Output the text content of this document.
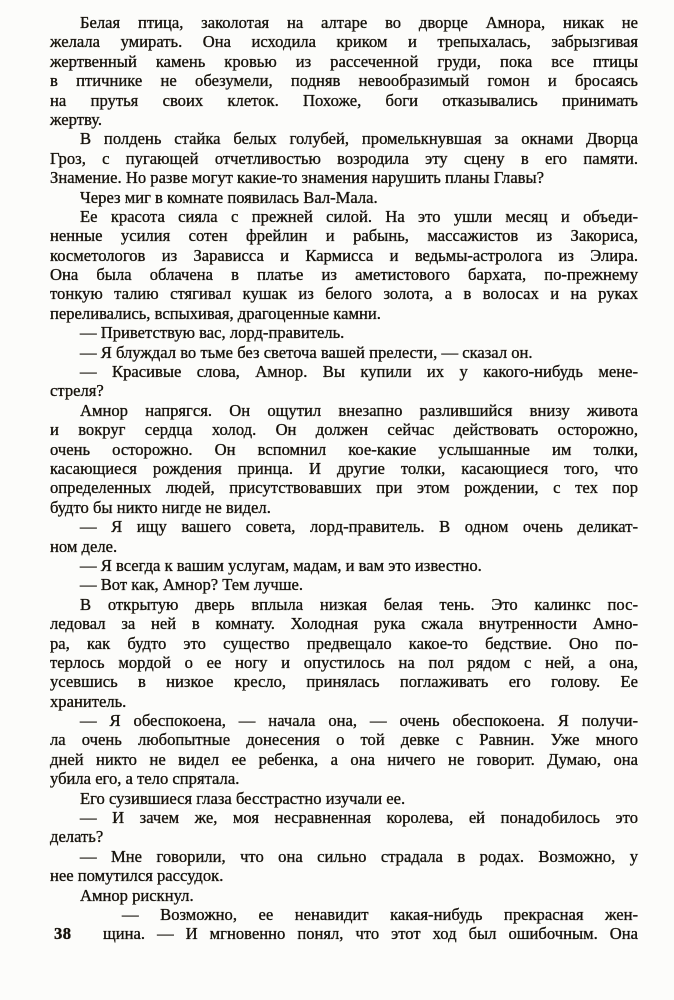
Белая птица, заколотая на алтаре во дворце Амнора, никак не
желала умирать. Она исходила криком и трепыхалась, забрызгивая
жертвенный камень кровью из рассеченной груди, пока все птицы
в птичнике не обезумели, подняв невообразимый гомон и бросаясь
на прутья своих клеток. Похоже, боги отказывались принимать
жертву.
В полдень стайка белых голубей, промелькнувшая за окнами Дворца
Гроз, с пугающей отчетливостью возродила эту сцену в его памяти.
Знамение. Но разве могут какие-то знамения нарушить планы Главы?
Через миг в комнате появилась Вал-Мала.
Ее красота сияла с прежней силой. На это ушли месяц и объеди-
ненные усилия сотен фрейлин и рабынь, массажистов из Закориса,
косметологов из Зарависса и Кармисса и ведьмы-астролога из Элира.
Она была облачена в платье из аметистового бархата, по-прежнему
тонкую талию стягивал кушак из белого золота, а в волосах и на руках
переливались, вспыхивая, драгоценные камни.
— Приветствую вас, лорд-правитель.
— Я блуждал во тьме без светоча вашей прелести, — сказал он.
— Красивые слова, Амнор. Вы купили их у какого-нибудь мене-
стреля?
Амнор напрягся. Он ощутил внезапно разлившийся внизу живота
и вокруг сердца холод. Он должен сейчас действовать осторожно,
очень осторожно. Он вспомнил кое-какие услышанные им толки,
касающиеся рождения принца. И другие толки, касающиеся того, что
определенных людей, присутствовавших при этом рождении, с тех пор
будто бы никто нигде не видел.
— Я ищу вашего совета, лорд-правитель. В одном очень деликат-
ном деле.
— Я всегда к вашим услугам, мадам, и вам это известно.
— Вот как, Амнор? Тем лучше.
В открытую дверь вплыла низкая белая тень. Это калинкс пос-
ледовал за ней в комнату. Холодная рука сжала внутренности Амно-
ра, как будто это существо предвещало какое-то бедствие. Оно по-
терлось мордой о ее ногу и опустилось на пол рядом с ней, а она,
усевшись в низкое кресло, принялась поглаживать его голову. Ее
хранитель.
— Я обеспокоена, — начала она, — очень обеспокоена. Я получи-
ла очень любопытные донесения о той девке с Равнин. Уже много
дней никто не видел ее ребенка, а она ничего не говорит. Думаю, она
убила его, а тело спрятала.
Его сузившиеся глаза бесстрастно изучали ее.
— И зачем же, моя несравненная королева, ей понадобилось это
делать?
— Мне говорили, что она сильно страдала в родах. Возможно, у
нее помутился рассудок.
Амнор рискнул.
— Возможно, ее ненавидит какая-нибудь прекрасная жен-
38 щина. — И мгновенно понял, что этот ход был ошибочным. Она
